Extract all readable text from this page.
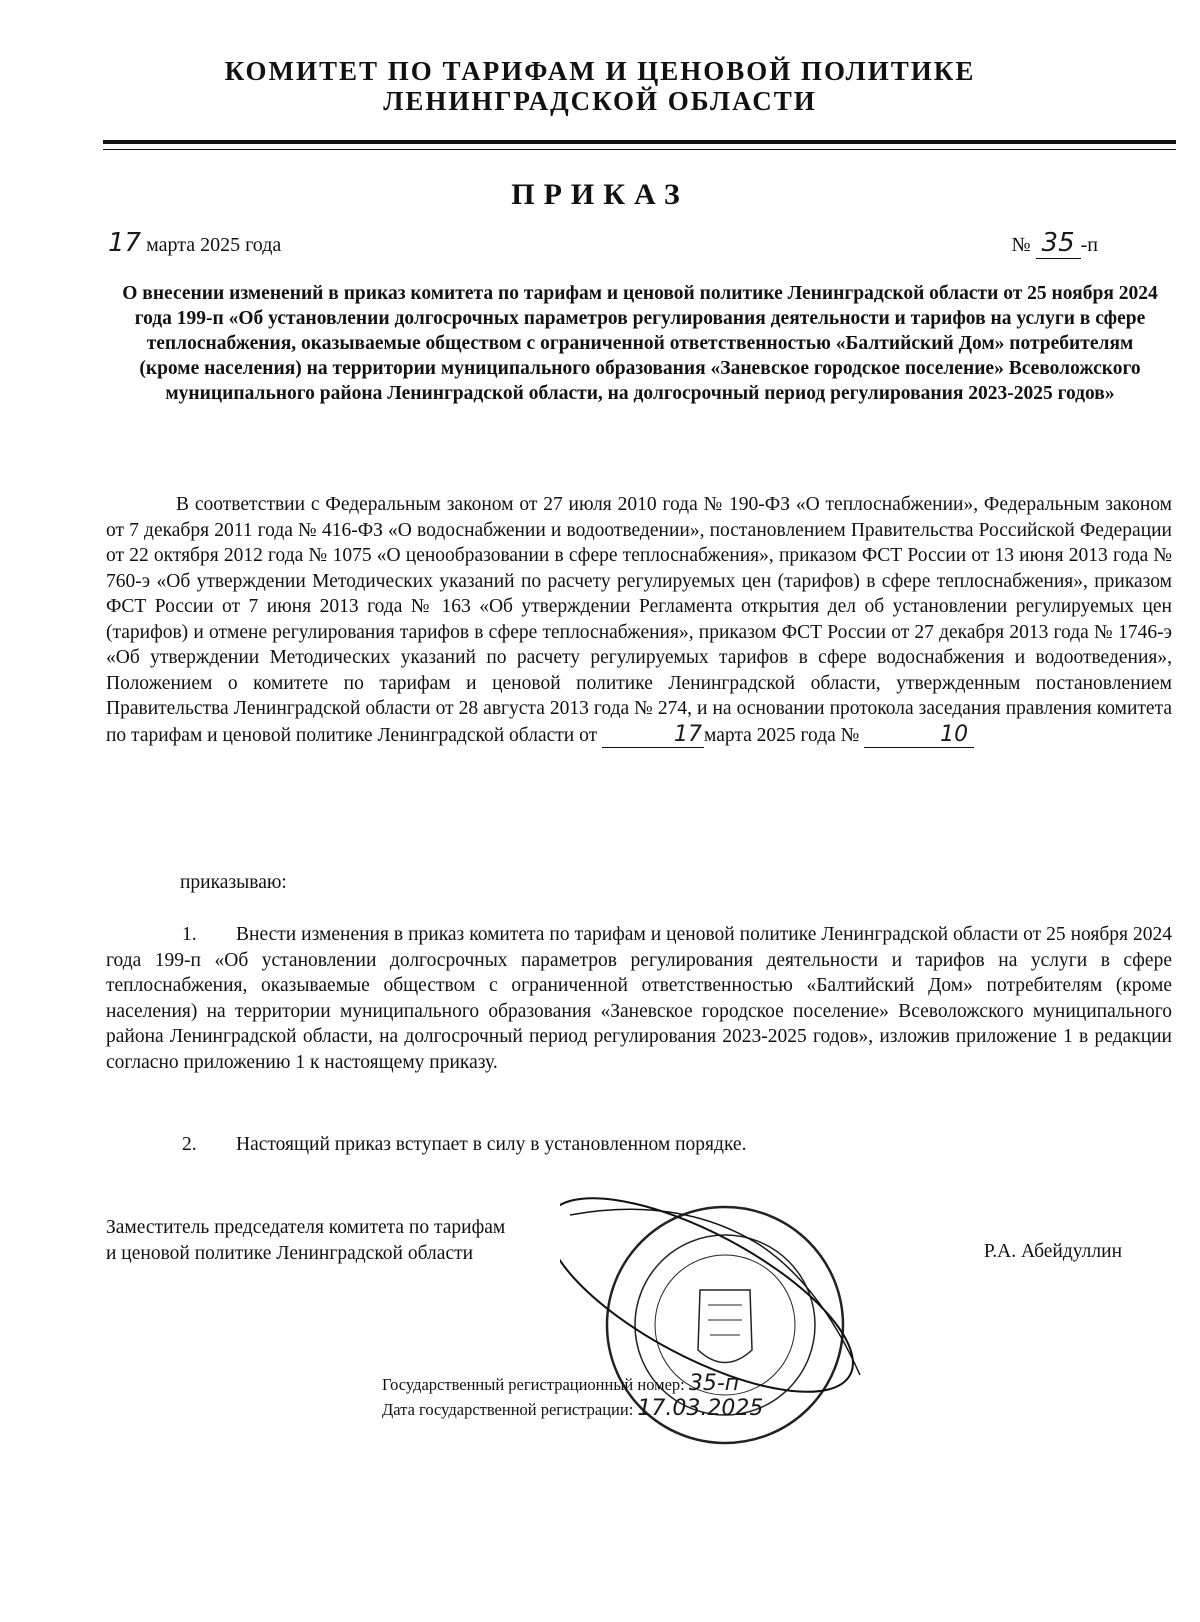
КОМИТЕТ ПО ТАРИФАМ И ЦЕНОВОЙ ПОЛИТИКЕ
ЛЕНИНГРАДСКОЙ ОБЛАСТИ
ПРИКАЗ
17 марта 2025 года	№ 35 -п
О внесении изменений в приказ комитета по тарифам и ценовой политике Ленинградской области от 25 ноября 2024 года 199-п «Об установлении долгосрочных параметров регулирования деятельности и тарифов на услуги в сфере теплоснабжения, оказываемые обществом с ограниченной ответственностью «Балтийский Дом» потребителям (кроме населения) на территории муниципального образования «Заневское городское поселение» Всеволожского муниципального района Ленинградской области, на долгосрочный период регулирования 2023-2025 годов»
В соответствии с Федеральным законом от 27 июля 2010 года № 190-ФЗ «О теплоснабжении», Федеральным законом от 7 декабря 2011 года № 416-ФЗ «О водоснабжении и водоотведении», постановлением Правительства Российской Федерации от 22 октября 2012 года № 1075 «О ценообразовании в сфере теплоснабжения», приказом ФСТ России от 13 июня 2013 года № 760-э «Об утверждении Методических указаний по расчету регулируемых цен (тарифов) в сфере теплоснабжения», приказом ФСТ России от 7 июня 2013 года № 163 «Об утверждении Регламента открытия дел об установлении регулируемых цен (тарифов) и отмене регулирования тарифов в сфере теплоснабжения», приказом ФСТ России от 27 декабря 2013 года № 1746-э «Об утверждении Методических указаний по расчету регулируемых тарифов в сфере водоснабжения и водоотведения», Положением о комитете по тарифам и ценовой политике Ленинградской области, утвержденным постановлением Правительства Ленинградской области от 28 августа 2013 года № 274, и на основании протокола заседания правления комитета по тарифам и ценовой политике Ленинградской области от	17 марта 2025 года №	10
приказываю:
1. Внести изменения в приказ комитета по тарифам и ценовой политике Ленинградской области от 25 ноября 2024 года 199-п «Об установлении долгосрочных параметров регулирования деятельности и тарифов на услуги в сфере теплоснабжения, оказываемые обществом с ограниченной ответственностью «Балтийский Дом» потребителям (кроме населения) на территории муниципального образования «Заневское городское поселение» Всеволожского муниципального района Ленинградской области, на долгосрочный период регулирования 2023-2025 годов», изложив приложение 1 в редакции согласно приложению 1 к настоящему приказу.
2. Настоящий приказ вступает в силу в установленном порядке.
Заместитель председателя комитета по тарифам
и ценовой политике Ленинградской области	Р.А. Абейдуллин
Государственный регистрационный номер: 35-п
Дата государственной регистрации: 17.03.2025
